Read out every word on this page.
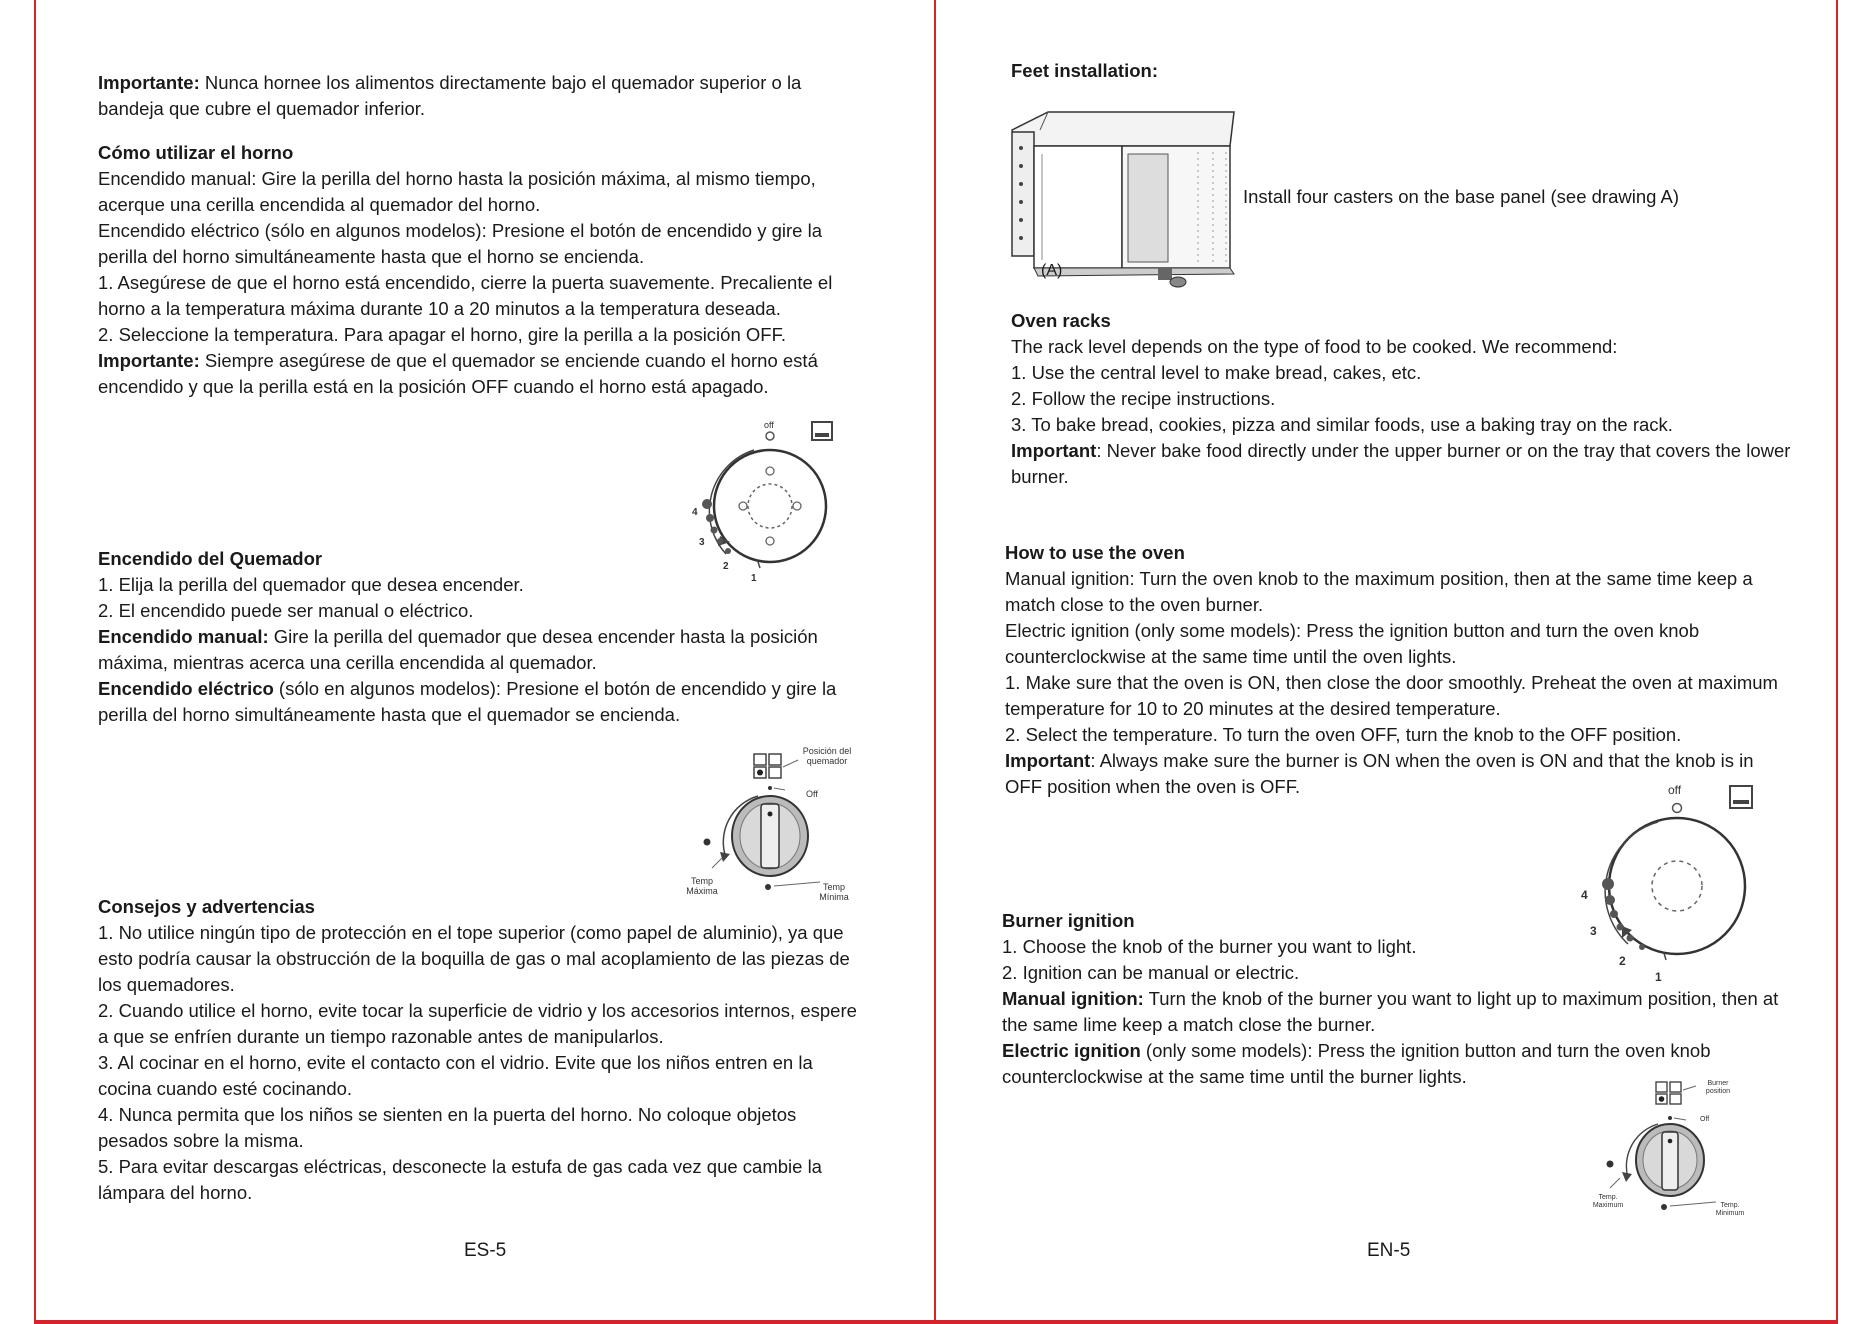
Importante: Nunca hornee los alimentos directamente bajo el quemador superior o la bandeja que cubre el quemador inferior.

Cómo utilizar el horno

Encendido manual: Gire la perilla del horno hasta la posición máxima, al mismo tiempo, acerque una cerilla encendida al quemador del horno.

Encendido eléctrico (sólo en algunos modelos): Presione el botón de encendido y gire la perilla del horno simultáneamente hasta que el horno se encienda.

1. Asegúrese de que el horno está encendido, cierre la puerta suavemente. Precaliente el horno a la temperatura máxima durante 10 a 20 minutos a la temperatura deseada.

2. Seleccione la temperatura. Para apagar el horno, gire la perilla a la posición OFF.

Importante: Siempre asegúrese de que el quemador se enciende cuando el horno está encendido y que la perilla está en la posición OFF cuando el horno está apagado.

Encendido del Quemador

1. Elija la perilla del quemador que desea encender.

2. El encendido puede ser manual o eléctrico.

Encendido manual: Gire la perilla del quemador que desea encender hasta la posición máxima, mientras acerca una cerilla encendida al quemador.

Encendido eléctrico (sólo en algunos modelos): Presione el botón de encendido y gire la perilla del horno simultáneamente hasta que el quemador se encienda.

Consejos y advertencias

1. No utilice ningún tipo de protección en el tope superior (como papel de aluminio), ya que esto podría causar la obstrucción de la boquilla de gas o mal acoplamiento de las piezas de los quemadores.

2. Cuando utilice el horno, evite tocar la superficie de vidrio y los accesorios internos, espere a que se enfríen durante un tiempo razonable antes de manipularlos.

3. Al cocinar en el horno, evite el contacto con el vidrio. Evite que los niños entren en la cocina cuando esté cocinando.

4. Nunca permita que los niños se sienten en la puerta del horno. No coloque objetos pesados sobre la misma.

5. Para evitar descargas eléctricas, desconecte la estufa de gas cada vez que cambie la lámpara del horno.

ES-5
off
4
3
2
1
Posición del quemador
Off
Temp Máxima	Temp Mínima

Feet installation:

Install four casters on the base panel (see drawing A)
(A)

Oven racks

The rack level depends on the type of food to be cooked. We recommend:

1. Use the central level to make bread, cakes, etc.

2. Follow the recipe instructions.

3. To bake bread, cookies, pizza and similar foods, use a baking tray on the rack.

Important: Never bake food directly under the upper burner or on the tray that covers the lower burner.

How to use the oven

Manual ignition: Turn the oven knob to the maximum position, then at the same time keep a match close to the oven burner.

Electric ignition (only some models): Press the ignition button and turn the oven knob counterclockwise at the same time until the oven lights.

1. Make sure that the oven is ON, then close the door smoothly. Preheat the oven at maximum temperature for 10 to 20 minutes at the desired temperature.

2. Select the temperature. To turn the oven OFF, turn the knob to the OFF position.

Important: Always make sure the burner is ON when the oven is ON and that the knob is in OFF position when the oven is OFF.

Burner ignition

1. Choose the knob of the burner you want to light.

2. Ignition can be manual or electric.

Manual ignition: Turn the knob of the burner you want to light up to maximum position, then at the same lime keep a match close the burner.

Electric ignition (only some models): Press the ignition button and turn the oven knob counterclockwise at the same time until the burner lights.

EN-5
off
4
3
2
1
Burner position
Off
Temp. Maximum	Temp. Minimum
